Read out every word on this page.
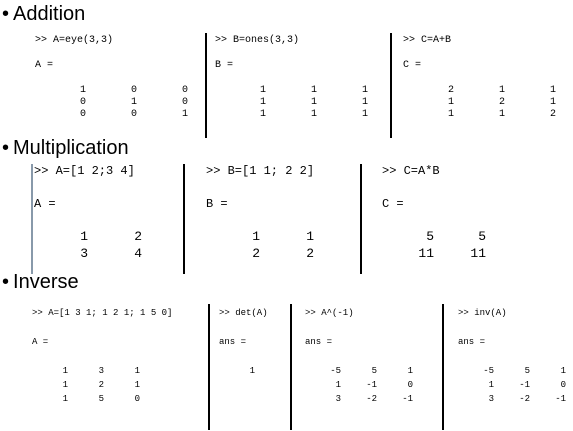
• Addition
>> A=eye(3,3)
A =
1	0	0
0	1	0
0	0	1
>> B=ones(3,3)
B =
1	1	1
1	1	1
1	1	1
>> C=A+B
C =
2	1	1
1	2	1
1	1	2
• Multiplication
>> A=[1 2;3 4]
A =
1	2
3	4
>> B=[1 1; 2 2]
B =
1	1
2	2
>> C=A*B
C =
5	5
11	11
• Inverse
>> A=[1 3 1; 1 2 1; 1 5 0]
A =
1	3	1
1	2	1
1	5	0
>> det(A)
ans =
1
>> A^(-1)
ans =
-5	5	1
1	-1	0
3	-2	-1
>> inv(A)
ans =
-5	5	1
1	-1	0
3	-2	-1
